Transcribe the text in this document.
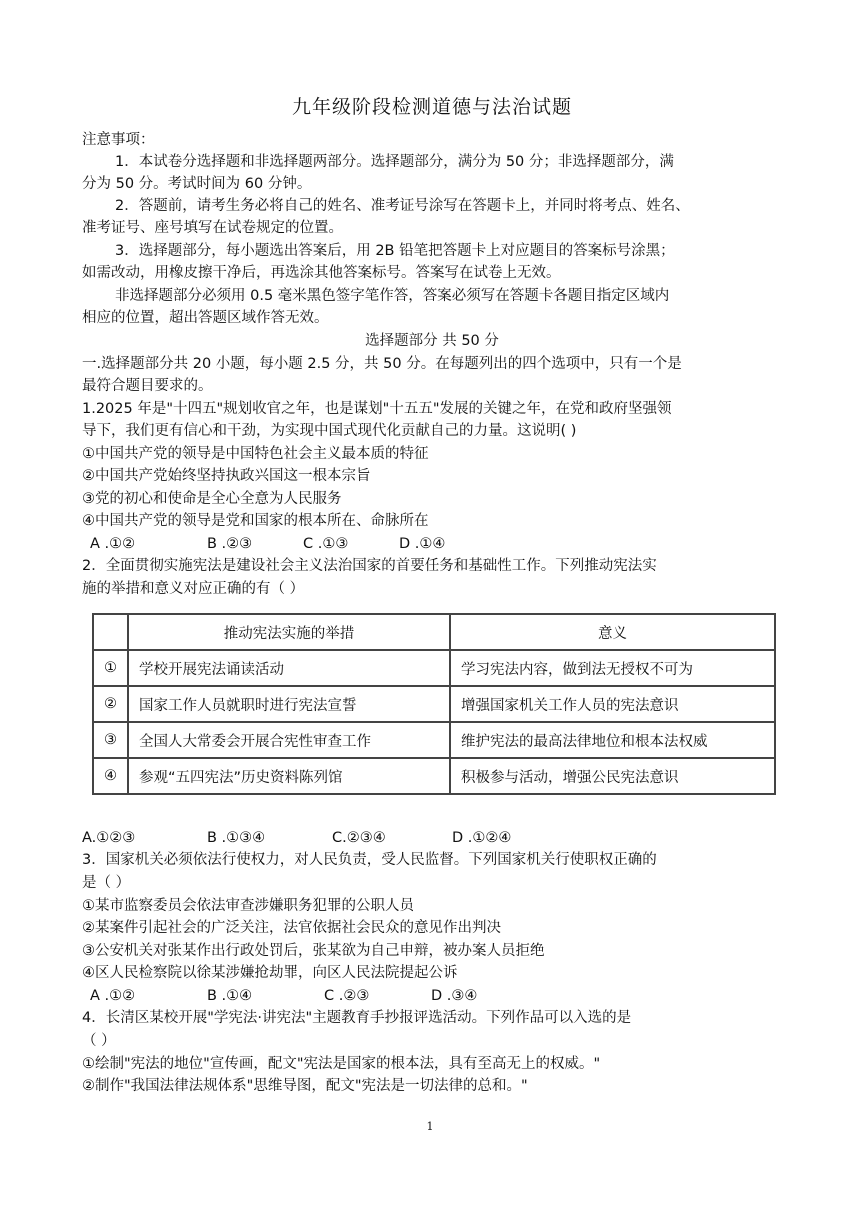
九年级阶段检测道德与法治试题
注意事项：
1．本试卷分选择题和非选择题两部分。选择题部分，满分为 50 分；非选择题部分，满
分为 50 分。考试时间为 60 分钟。
2．答题前，请考生务必将自己的姓名、准考证号涂写在答题卡上，并同时将考点、姓名、
准考证号、座号填写在试卷规定的位置。
3．选择题部分，每小题选出答案后，用 2B 铅笔把答题卡上对应题目的答案标号涂黑；
如需改动，用橡皮擦干净后，再选涂其他答案标号。答案写在试卷上无效。
非选择题部分必须用 0.5 毫米黑色签字笔作答，答案必须写在答题卡各题目指定区域内
相应的位置，超出答题区域作答无效。
选择题部分 共 50 分
一.选择题部分共 20 小题，每小题 2.5 分，共 50 分。在每题列出的四个选项中，只有一个是
最符合题目要求的。
1.2025 年是"十四五"规划收官之年，也是谋划"十五五"发展的关键之年，在党和政府坚强领
导下，我们更有信心和干劲，为实现中国式现代化贡献自己的力量。这说明( )
①中国共产党的领导是中国特色社会主义最本质的特征
②中国共产党始终坚持执政兴国这一根本宗旨
③党的初心和使命是全心全意为人民服务
④中国共产党的领导是党和国家的根本所在、命脉所在
A .①②	B .②③	C .①③	D .①④
2．全面贯彻实施宪法是建设社会主义法治国家的首要任务和基础性工作。下列推动宪法实
施的举措和意义对应正确的有（ ）
	推动宪法实施的举措	意义
①	学校开展宪法诵读活动	学习宪法内容，做到法无授权不可为
②	国家工作人员就职时进行宪法宣誓	增强国家机关工作人员的宪法意识
③	全国人大常委会开展合宪性审查工作	维护宪法的最高法律地位和根本法权威
④	参观“五四宪法”历史资料陈列馆	积极参与活动，增强公民宪法意识
A.①②③	B .①③④	C.②③④	D .①②④
3．国家机关必须依法行使权力，对人民负责，受人民监督。下列国家机关行使职权正确的
是（ ）
①某市监察委员会依法审查涉嫌职务犯罪的公职人员
②某案件引起社会的广泛关注，法官依据社会民众的意见作出判决
③公安机关对张某作出行政处罚后，张某欲为自己申辩，被办案人员拒绝
④区人民检察院以徐某涉嫌抢劫罪，向区人民法院提起公诉
A .①②	B .①④	C .②③	D .③④
4．长清区某校开展"学宪法·讲宪法"主题教育手抄报评选活动。下列作品可以入选的是
（ ）
①绘制"宪法的地位"宣传画，配文"宪法是国家的根本法，具有至高无上的权威。"
②制作"我国法律法规体系"思维导图，配文"宪法是一切法律的总和。"
1
